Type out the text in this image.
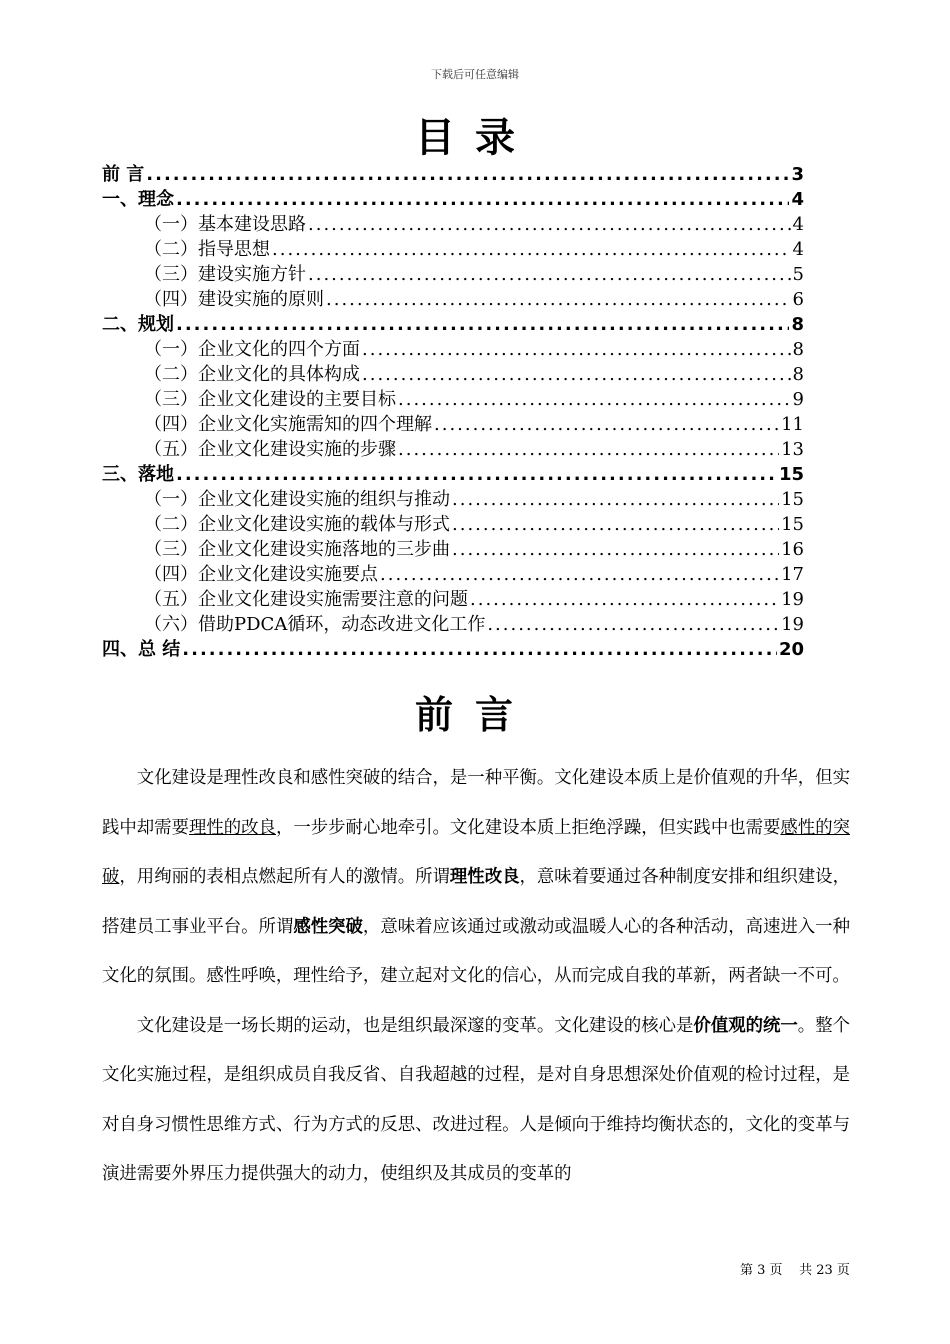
下载后可任意编辑
目录
前 言 .....	3
一、理念 .....	4
（一）基本建设思路 .....	4
（二）指导思想 .....	4
（三）建设实施方针 .....	5
（四）建设实施的原则 .....	6
二、规划 .....	8
（一）企业文化的四个方面 .....	8
（二）企业文化的具体构成 .....	8
（三）企业文化建设的主要目标 .....	9
（四）企业文化实施需知的四个理解 .....	11
（五）企业文化建设实施的步骤 .....	13
三、落地 .....	15
（一）企业文化建设实施的组织与推动 .....	15
（二）企业文化建设实施的载体与形式 .....	15
（三）企业文化建设实施落地的三步曲 .....	16
（四）企业文化建设实施要点 .....	17
（五）企业文化建设实施需要注意的问题 .....	19
（六）借助PDCA循环，动态改进文化工作 .....	19
四、总 结 .....	20
前言

文化建设是理性改良和感性突破的结合，是一种平衡。文化建设本质上是价值观的升华，但实践中却需要理性的改良，一步步耐心地牵引。文化建设本质上拒绝浮躁，但实践中也需要感性的突破，用绚丽的表相点燃起所有人的激情。所谓理性改良，意味着要通过各种制度安排和组织建设，搭建员工事业平台。所谓感性突破，意味着应该通过或激动或温暖人心的各种活动，高速进入一种文化的氛围。感性呼唤，理性给予，建立起对文化的信心，从而完成自我的革新，两者缺一不可。

文化建设是一场长期的运动，也是组织最深邃的变革。文化建设的核心是价值观的统一。整个文化实施过程，是组织成员自我反省、自我超越的过程，是对自身思想深处价值观的检讨过程，是对自身习惯性思维方式、行为方式的反思、改进过程。人是倾向于维持均衡状态的，文化的变革与演进需要外界压力提供强大的动力，使组织及其成员的变革的

第 3 页 共 23 页
